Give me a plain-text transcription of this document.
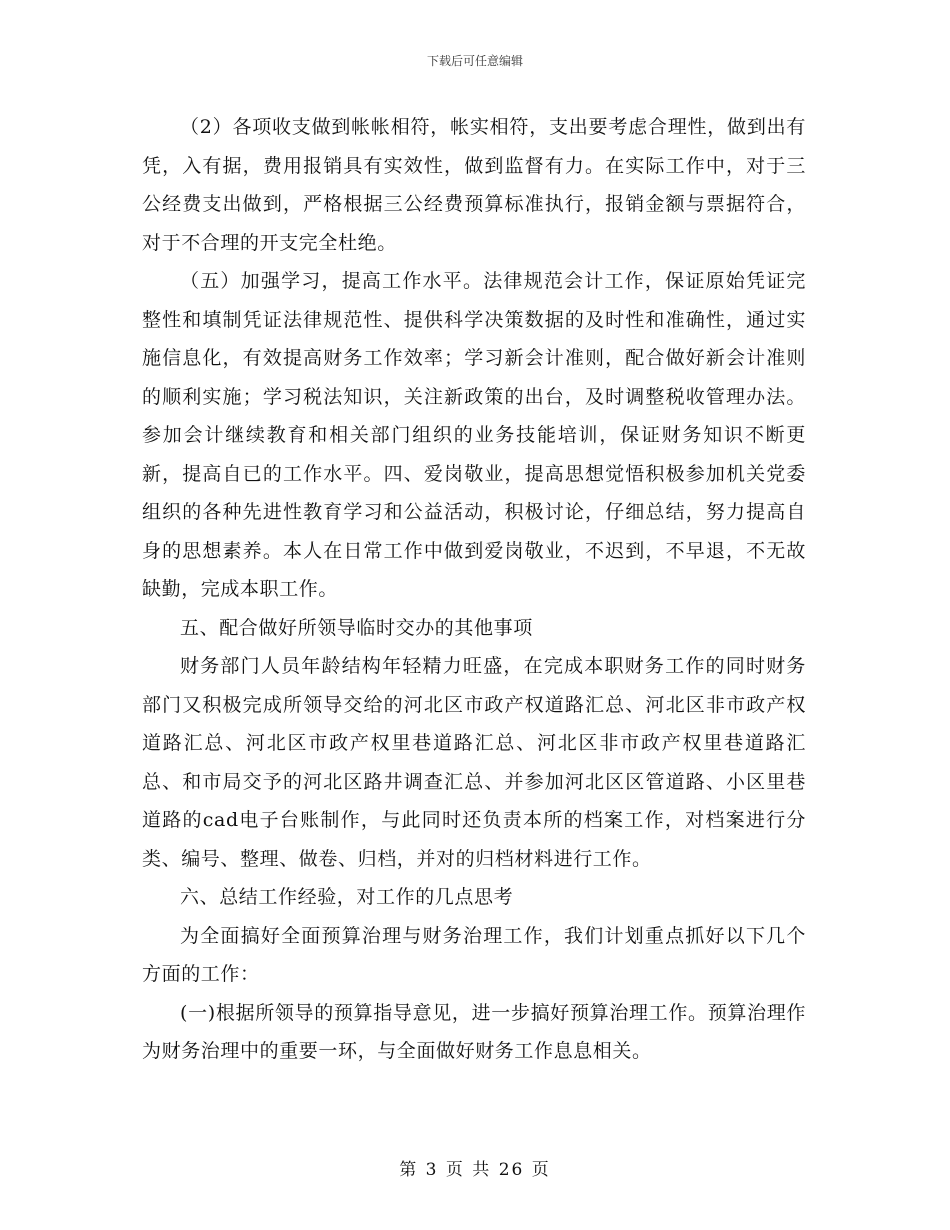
下载后可任意编辑

（2）各项收支做到帐帐相符，帐实相符，支出要考虑合理性，做到出有凭，入有据，费用报销具有实效性，做到监督有力。在实际工作中，对于三公经费支出做到，严格根据三公经费预算标准执行，报销金额与票据符合，对于不合理的开支完全杜绝。

（五）加强学习，提高工作水平。法律规范会计工作，保证原始凭证完整性和填制凭证法律规范性、提供科学决策数据的及时性和准确性，通过实施信息化，有效提高财务工作效率；学习新会计准则，配合做好新会计准则的顺利实施；学习税法知识，关注新政策的出台，及时调整税收管理办法。参加会计继续教育和相关部门组织的业务技能培训，保证财务知识不断更新，提高自已的工作水平。四、爱岗敬业，提高思想觉悟积极参加机关党委组织的各种先进性教育学习和公益活动，积极讨论，仔细总结，努力提高自身的思想素养。本人在日常工作中做到爱岗敬业，不迟到，不早退，不无故缺勤，完成本职工作。

五、配合做好所领导临时交办的其他事项

财务部门人员年龄结构年轻精力旺盛，在完成本职财务工作的同时财务部门又积极完成所领导交给的河北区市政产权道路汇总、河北区非市政产权道路汇总、河北区市政产权里巷道路汇总、河北区非市政产权里巷道路汇总、和市局交予的河北区路井调查汇总、并参加河北区区管道路、小区里巷道路的cad电子台账制作，与此同时还负责本所的档案工作，对档案进行分类、编号、整理、做卷、归档，并对的归档材料进行工作。

六、总结工作经验，对工作的几点思考

为全面搞好全面预算治理与财务治理工作，我们计划重点抓好以下几个方面的工作：

(一)根据所领导的预算指导意见，进一步搞好预算治理工作。预算治理作为财务治理中的重要一环，与全面做好财务工作息息相关。

第 3 页 共 26 页
